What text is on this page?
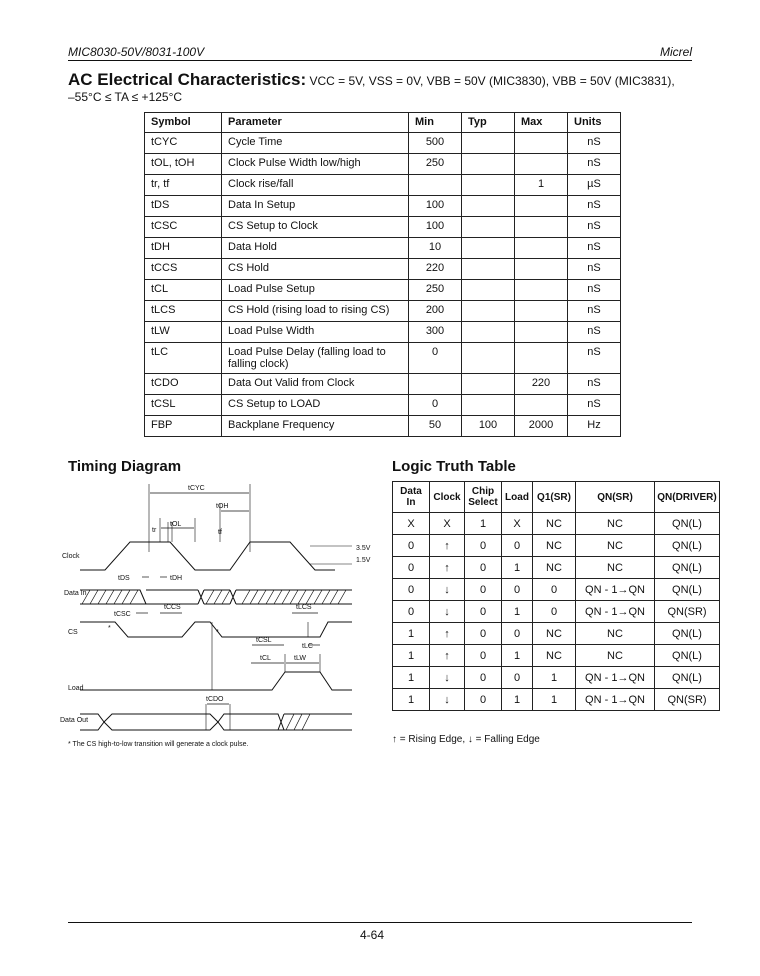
MIC8030-50V/8031-100V	Micrel
AC Electrical Characteristics: VCC = 5V, VSS = 0V, VBB = 50V (MIC3830), VBB = 50V (MIC3831),
–55°C ≤ TA ≤ +125°C
Symbol	Parameter	Min	Typ	Max	Units
tCYC	Cycle Time	500			nS
tOL, tOH	Clock Pulse Width low/high	250			nS
tr, tf	Clock rise/fall			1	µS
tDS	Data In Setup	100			nS
tCSC	CS Setup to Clock	100			nS
tDH	Data Hold	10			nS
tCCS	CS Hold	220			nS
tCL	Load Pulse Setup	250			nS
tLCS	CS Hold (rising load to rising CS)	200			nS
tLW	Load Pulse Width	300			nS
tLC	Load Pulse Delay (falling load to falling clock)	0			nS
tCDO	Data Out Valid from Clock			220	nS
tCSL	CS Setup to LOAD	0			nS
FBP	Backplane Frequency	50	100	2000	Hz
Timing Diagram	Logic Truth Table
Clock
Data In
CS
Load
Data Out
3.5V
1.5V
tCYC
tOH
tr
tOL
tf
tDS	tDH
tCSC
tCCS	tLCS
tCSL
tLC
tCL	tLW
tCDO
*
*
* The CS high-to-low transition will generate a clock pulse.
Data In	Clock	Chip Select	Load	Q1(SR)	QN(SR)	QN(DRIVER)
X	X	1	X	NC	NC	QN(L)
0	↑	0	0	NC	NC	QN(L)
0	↑	0	1	NC	NC	QN(L)
0	↓	0	0	0	QN - 1→QN	QN(L)
0	↓	0	1	0	QN - 1→QN	QN(SR)
1	↑	0	0	NC	NC	QN(L)
1	↑	0	1	NC	NC	QN(L)
1	↓	0	0	1	QN - 1→QN	QN(L)
1	↓	0	1	1	QN - 1→QN	QN(SR)
↑ = Rising Edge, ↓ = Falling Edge
4-64
